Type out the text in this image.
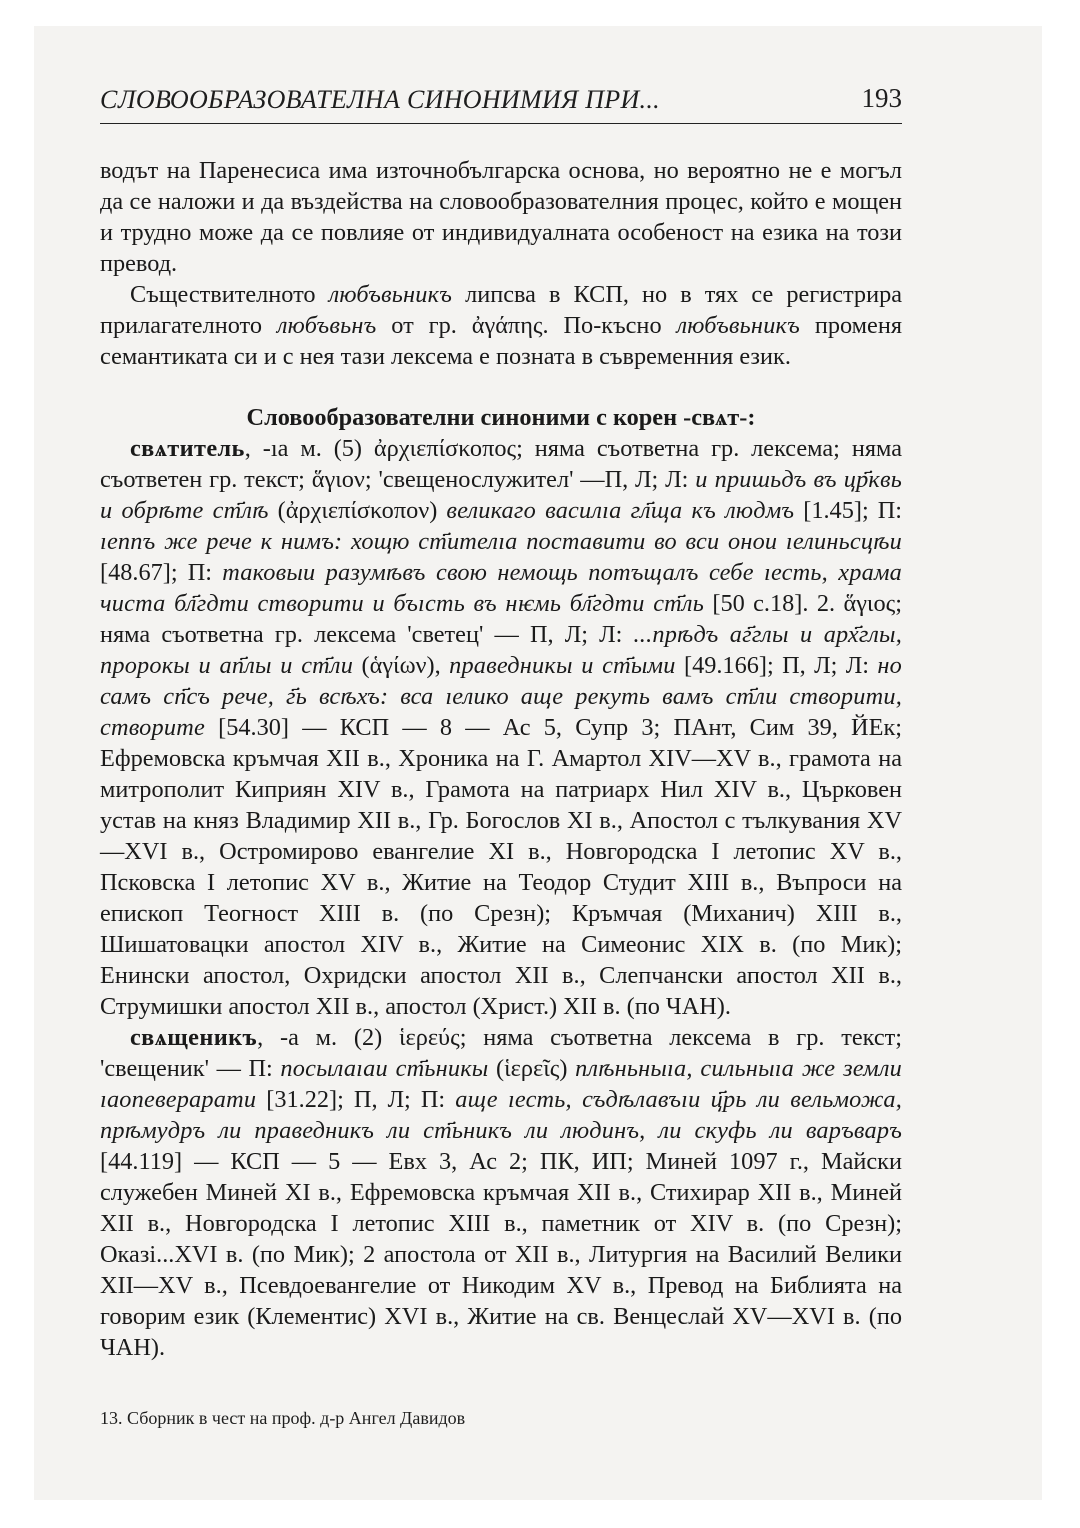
СЛОВООБРАЗОВАТЕЛНА СИНОНИМИЯ ПРИ...	193

водът на Паренесиса има източнобългарска основа, но вероятно не е могъл да се наложи и да въздейства на словообразователния процес, който е мощен и трудно може да се повлияе от индивидуалната особеност на езика на този превод.

Съществителното любъвьникъ липсва в КСП, но в тях се регистрира прилагателното любъвьнъ от гр. ἀγάπης. По-късно любъвьникъ променя семантиката си и с нея тази лексема е позната в съвременния език.

Словообразователни синоними с корен -свѧт-:

свѧтитель, -ıа м. (5) ἀρχιεπίσκοπος; няма съответна гр. лексема; няма съответен гр. текст; ἅγιον; 'свещенослужител' —П, Л; Л: и пришьдъ въ цр҃квь и обрѣте ст҃лѣ (ἀρχιεπίσκοπον) великаго василıа гл҃ща къ людмъ [1.45]; П: ıеппъ же рече к нимъ: хощю ст҃ителıа поставити во вси онои ıелиньсцѣи [48.67]; П: таковыи разумѣвъ свою немощь потъщалъ себе ıесть, храма чиста бл҃гдти створити и бъıсть въ нѥмь бл҃гдти ст҃ль [50 с.18]. 2. ἅγιος; няма съответна гр. лексема 'светец' — П, Л; Л: ...прѣдъ аг҃глы и арх҃глы, пророкы и ап҃лы и ст҃ли (ἁγίων), праведникы и ст҃ыми [49.166]; П, Л; Л: но самъ сп҃съ рече, г҃ь всѣхъ: вса ıелико аще рекуть вамъ ст҃ли створити, створите [54.30] — КСП — 8 — Ас 5, Супр 3; ПАнт, Сим 39, ЙЕк; Ефремовска кръмчая XII в., Хроника на Г. Амартол XIV—XV в., грамота на митрополит Киприян XIV в., Грамота на патриарх Нил XIV в., Църковен устав на княз Владимир XII в., Гр. Богослов XI в., Апостол с тълкувания XV—XVI в., Остромирово евангелие XI в., Новгородска I летопис XV в., Псковска I летопис XV в., Житие на Теодор Студит XIII в., Въпроси на епископ Теогност XIII в. (по Срезн); Кръмчая (Миханич) XIII в., Шишатовацки апостол XIV в., Житие на Симеонис XIX в. (по Мик); Енински апостол, Охридски апостол XII в., Слепчански апостол XII в., Струмишки апостол XII в., апостол (Христ.) XII в. (по ЧАН).

свѧщеникъ, -а м. (2) ἱερεύς; няма съответна лексема в гр. текст; 'свещеник' — П: посылаıаи ст҃ьникы (ἱερεῖς) плѣньныıа, сильныıа же земли ıаопеверарати [31.22]; П, Л; П: аще ıесть, съдѣлавъıи ц҃рь ли вельможа, прѣмудръ ли праведникъ ли ст҃ьникъ ли людинъ, ли скуфь ли варъваръ [44.119] — КСП — 5 — Евх 3, Ас 2; ПК, ИП; Миней 1097 г., Майски служебен Миней XI в., Ефремовска кръмчая XII в., Стихирар XII в., Миней XII в., Новгородска I летопис XIII в., паметник от XIV в. (по Срезн); Оказі...XVI в. (по Мик); 2 апостола от XII в., Литургия на Василий Велики XII—XV в., Псевдоевангелие от Никодим XV в., Превод на Библията на говорим език (Клементис) XVI в., Житие на св. Венцеслай XV—XVI в. (по ЧАН).

13. Сборник в чест на проф. д-р Ангел Давидов
